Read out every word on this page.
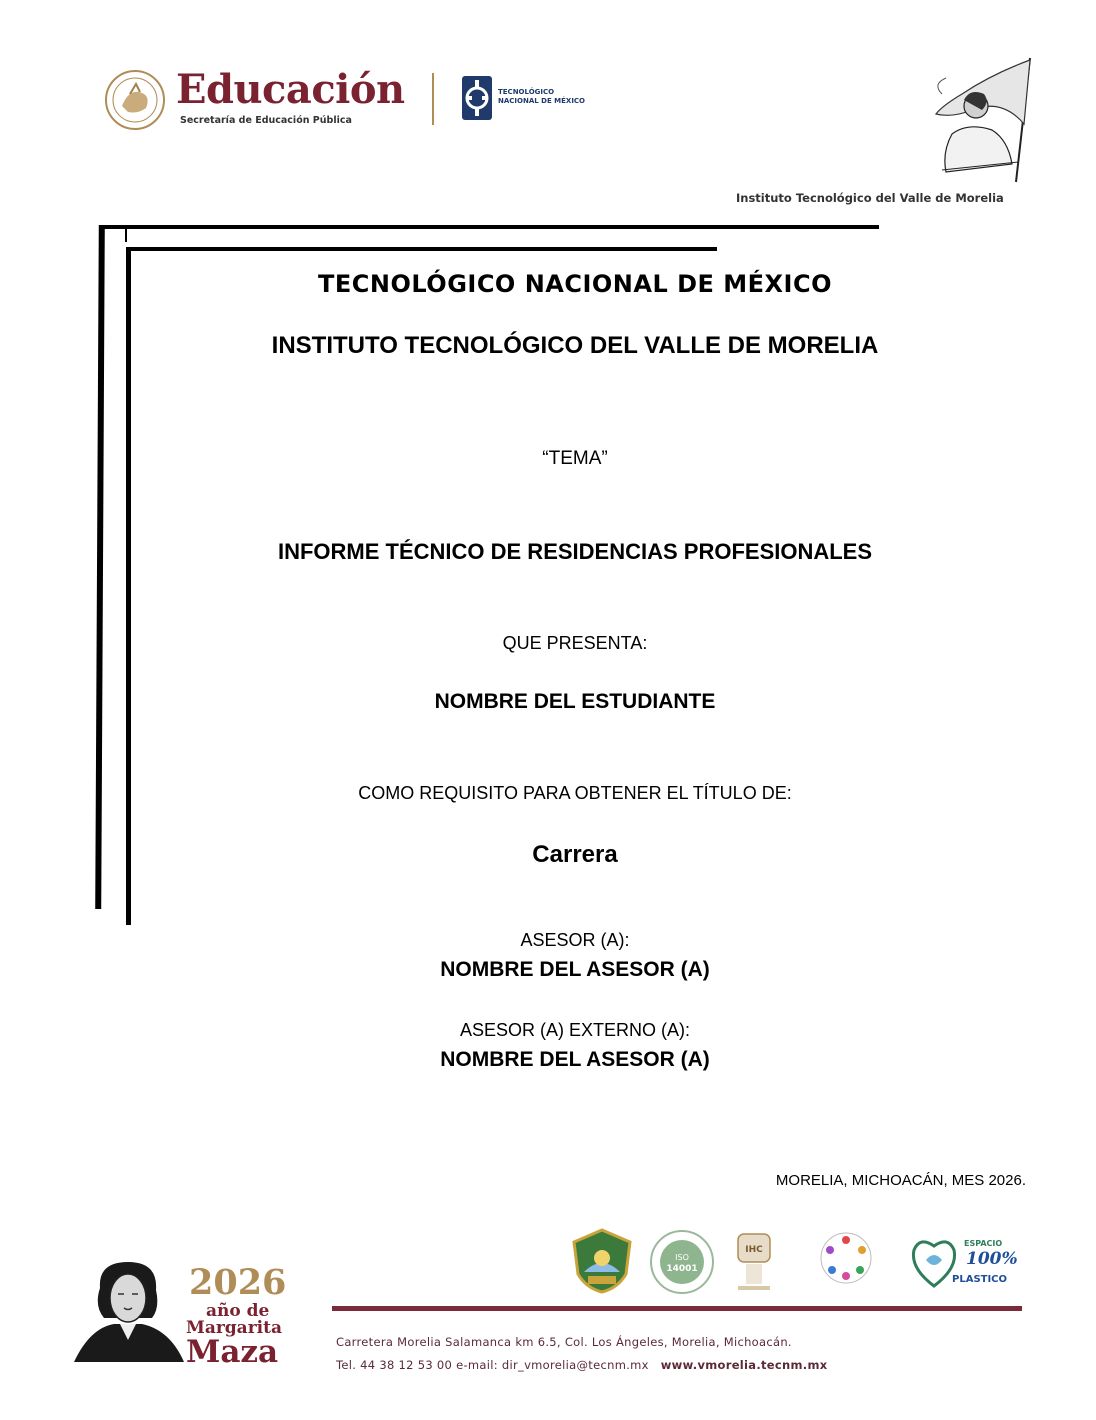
Educación
Secretaría de Educación Pública
TECNOLÓGICO
NACIONAL DE MÉXICO
Instituto Tecnológico del Valle de Morelia
TECNOLÓGICO NACIONAL DE MÉXICO
INSTITUTO TECNOLÓGICO DEL VALLE DE MORELIA
“TEMA”
INFORME TÉCNICO DE RESIDENCIAS PROFESIONALES
QUE PRESENTA:
NOMBRE DEL ESTUDIANTE
COMO REQUISITO PARA OBTENER EL TÍTULO DE:
Carrera
ASESOR (A):
NOMBRE DEL ASESOR (A)
ASESOR (A) EXTERNO (A):
NOMBRE DEL ASESOR (A)
MORELIA, MICHOACÁN, MES 2026.
2026
año de
Margarita
Maza
ISO
14001
IHC
ESPACIO
100%
PLASTICO
Carretera Morelia Salamanca km 6.5, Col. Los Ángeles, Morelia, Michoacán.
Tel. 44 38 12 53 00 e-mail: dir_vmorelia@tecnm.mx www.vmorelia.tecnm.mx
